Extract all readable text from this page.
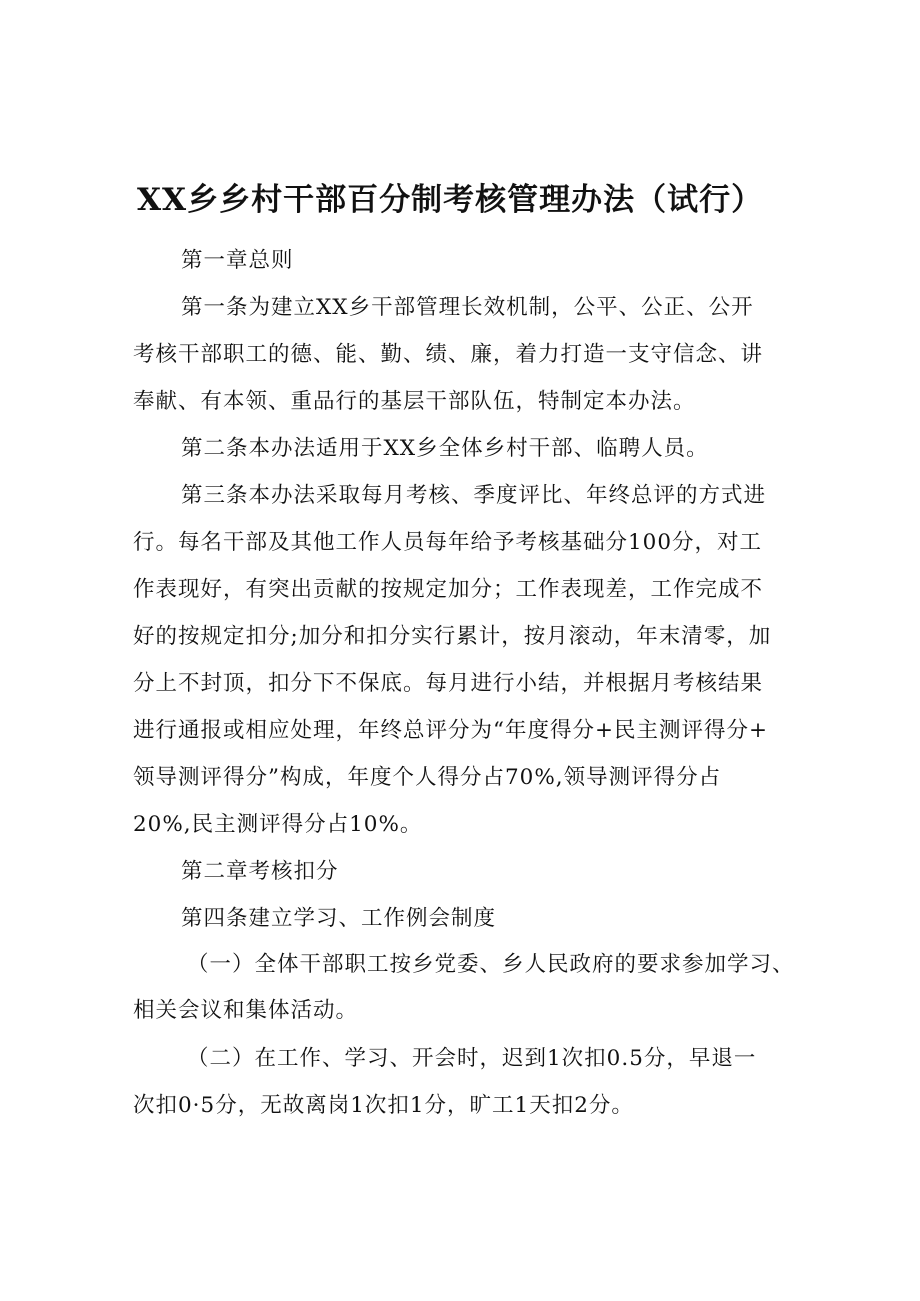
XX乡乡村干部百分制考核管理办法（试行）
第一章总则
第一条为建立XX乡干部管理长效机制，公平、公正、公开
考核干部职工的德、能、勤、绩、廉，着力打造一支守信念、讲
奉献、有本领、重品行的基层干部队伍，特制定本办法。
第二条本办法适用于XX乡全体乡村干部、临聘人员。
第三条本办法采取每月考核、季度评比、年终总评的方式进
行。每名干部及其他工作人员每年给予考核基础分100分，对工
作表现好，有突出贡献的按规定加分；工作表现差，工作完成不
好的按规定扣分;加分和扣分实行累计，按月滚动，年末清零，加
分上不封顶，扣分下不保底。每月进行小结，并根据月考核结果
进行通报或相应处理，年终总评分为“年度得分+民主测评得分+
领导测评得分”构成，年度个人得分占70%,领导测评得分占
20%,民主测评得分占10%。
第二章考核扣分
第四条建立学习、工作例会制度
（一）全体干部职工按乡党委、乡人民政府的要求参加学习、
相关会议和集体活动。
（二）在工作、学习、开会时，迟到1次扣0.5分，早退一
次扣0·5分，无故离岗1次扣1分，旷工1天扣2分。
